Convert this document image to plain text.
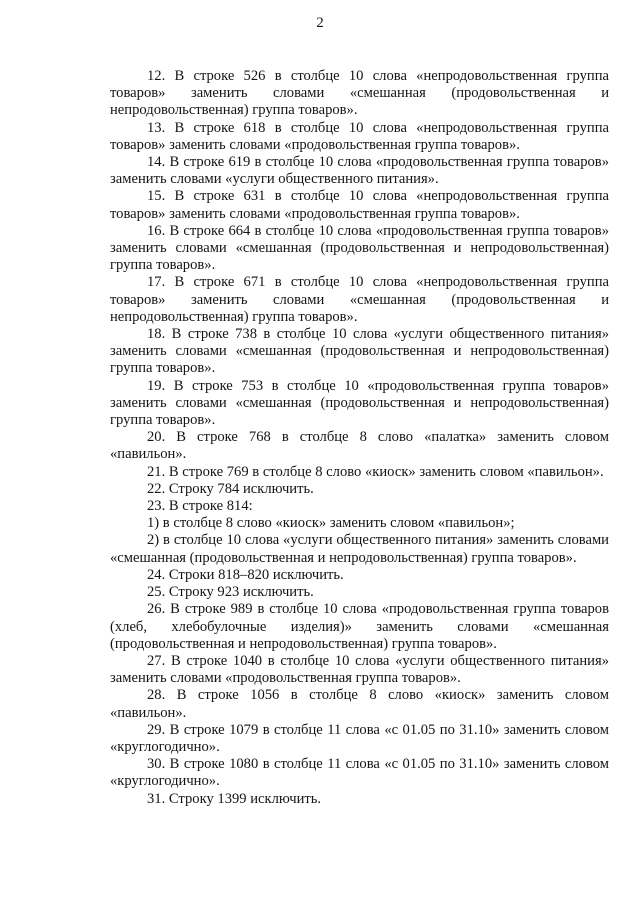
2

12. В строке 526 в столбце 10 слова «непродовольственная группа товаров» заменить словами «смешанная (продовольственная и непродовольственная) группа товаров».

13. В строке 618 в столбце 10 слова «непродовольственная группа товаров» заменить словами «продовольственная группа товаров».

14. В строке 619 в столбце 10 слова «продовольственная группа товаров» заменить словами «услуги общественного питания».

15. В строке 631 в столбце 10 слова «непродовольственная группа товаров» заменить словами «продовольственная группа товаров».

16. В строке 664 в столбце 10 слова «продовольственная группа товаров» заменить словами «смешанная (продовольственная и непродовольственная) группа товаров».

17. В строке 671 в столбце 10 слова «непродовольственная группа товаров» заменить словами «смешанная (продовольственная и непродовольственная) группа товаров».

18. В строке 738 в столбце 10 слова «услуги общественного питания» заменить словами «смешанная (продовольственная и непродовольственная) группа товаров».

19. В строке 753 в столбце 10 «продовольственная группа товаров» заменить словами «смешанная (продовольственная и непродовольственная) группа товаров».

20. В строке 768 в столбце 8 слово «палатка» заменить словом «павильон».

21. В строке 769 в столбце 8 слово «киоск» заменить словом «павильон».

22. Строку 784 исключить.

23. В строке 814:

1) в столбце 8 слово «киоск» заменить словом «павильон»;

2) в столбце 10 слова «услуги общественного питания» заменить словами «смешанная (продовольственная и непродовольственная) группа товаров».

24. Строки 818–820 исключить.

25. Строку 923 исключить.

26. В строке 989 в столбце 10 слова «продовольственная группа товаров (хлеб, хлебобулочные изделия)» заменить словами «смешанная (продовольственная и непродовольственная) группа товаров».

27. В строке 1040 в столбце 10 слова «услуги общественного питания» заменить словами «продовольственная группа товаров».

28. В строке 1056 в столбце 8 слово «киоск» заменить словом «павильон».

29. В строке 1079 в столбце 11 слова «с 01.05 по 31.10» заменить словом «круглогодично».

30. В строке 1080 в столбце 11 слова «с 01.05 по 31.10» заменить словом «круглогодично».

31. Строку 1399 исключить.
